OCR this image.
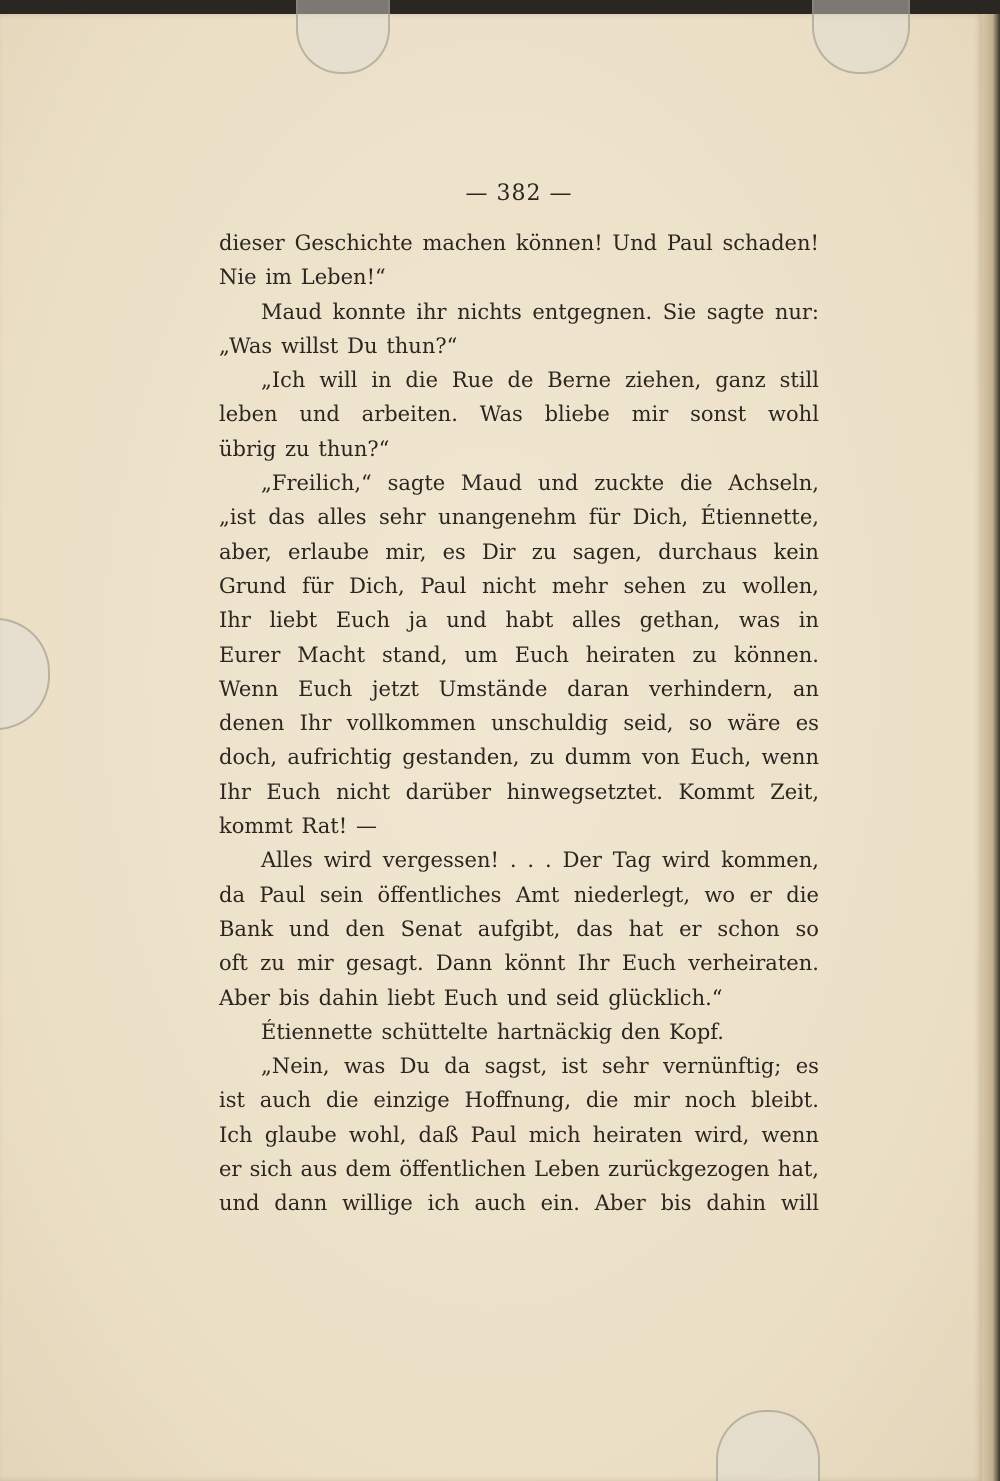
— 382 —
dieser Geschichte machen können! Und Paul schaden!
Nie im Leben!“
Maud konnte ihr nichts entgegnen. Sie sagte nur:
„Was willst Du thun?“
„Ich will in die Rue de Berne ziehen, ganz still
leben und arbeiten. Was bliebe mir sonst wohl
übrig zu thun?“
„Freilich,“ sagte Maud und zuckte die Achseln,
„ist das alles sehr unangenehm für Dich, Étiennette,
aber, erlaube mir, es Dir zu sagen, durchaus kein
Grund für Dich, Paul nicht mehr sehen zu wollen,
Ihr liebt Euch ja und habt alles gethan, was in
Eurer Macht stand, um Euch heiraten zu können.
Wenn Euch jetzt Umstände daran verhindern, an
denen Ihr vollkommen unschuldig seid, so wäre es
doch, aufrichtig gestanden, zu dumm von Euch, wenn
Ihr Euch nicht darüber hinwegsetztet. Kommt Zeit,
kommt Rat! —
Alles wird vergessen! . . . Der Tag wird kommen,
da Paul sein öffentliches Amt niederlegt, wo er die
Bank und den Senat aufgibt, das hat er schon so
oft zu mir gesagt. Dann könnt Ihr Euch verheiraten.
Aber bis dahin liebt Euch und seid glücklich.“
Étiennette schüttelte hartnäckig den Kopf.
„Nein, was Du da sagst, ist sehr vernünftig; es
ist auch die einzige Hoffnung, die mir noch bleibt.
Ich glaube wohl, daß Paul mich heiraten wird, wenn
er sich aus dem öffentlichen Leben zurückgezogen hat,
und dann willige ich auch ein. Aber bis dahin will
